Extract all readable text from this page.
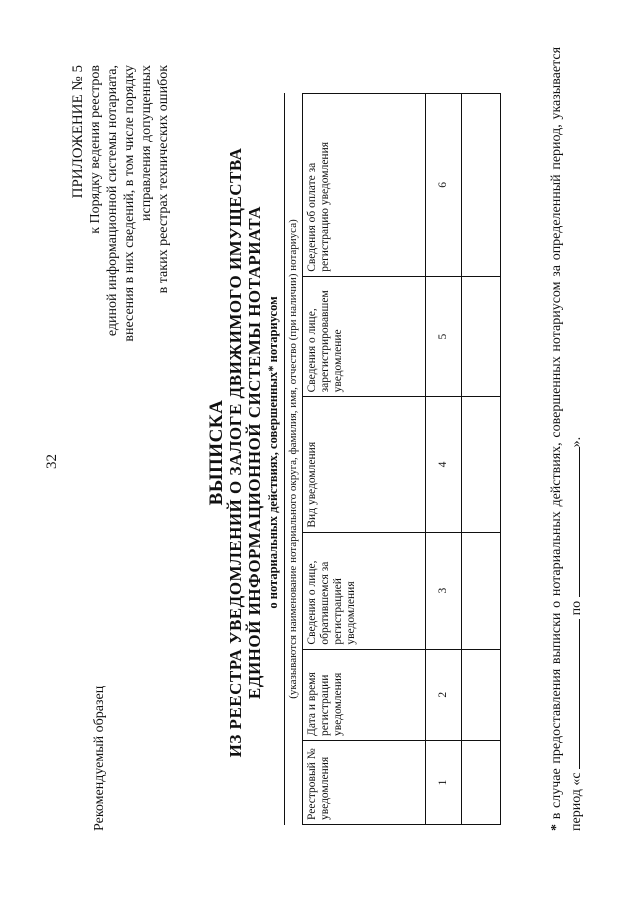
32
Рекомендуемый образец
ПРИЛОЖЕНИЕ № 5 к Порядку ведения реестров единой информационной системы нотариата, внесения в них сведений, в том числе порядку исправления допущенных в таких реестрах технических ошибок
ВЫПИСКА ИЗ РЕЕСТРА УВЕДОМЛЕНИЙ О ЗАЛОГЕ ДВИЖИМОГО ИМУЩЕСТВА ЕДИНОЙ ИНФОРМАЦИОННОЙ СИСТЕМЫ НОТАРИАТА о нотариальных действиях, совершенных* нотариусом (указываются наименование нотариального округа, фамилия, имя, отчество (при наличии) нотариуса)
Реестровый № уведомления	Дата и время регистрации уведомления	Сведения о лице, обратившемся за регистрацией уведомления	Вид уведомления	Сведения о лице, зарегистрировавшем уведомление	Сведения об оплате за регистрацию уведомления
1	2	3	4	5	6

* в случае предоставления выписки о нотариальных действиях, совершенных нотариусом за определенный период, указывается период «с  по ».
